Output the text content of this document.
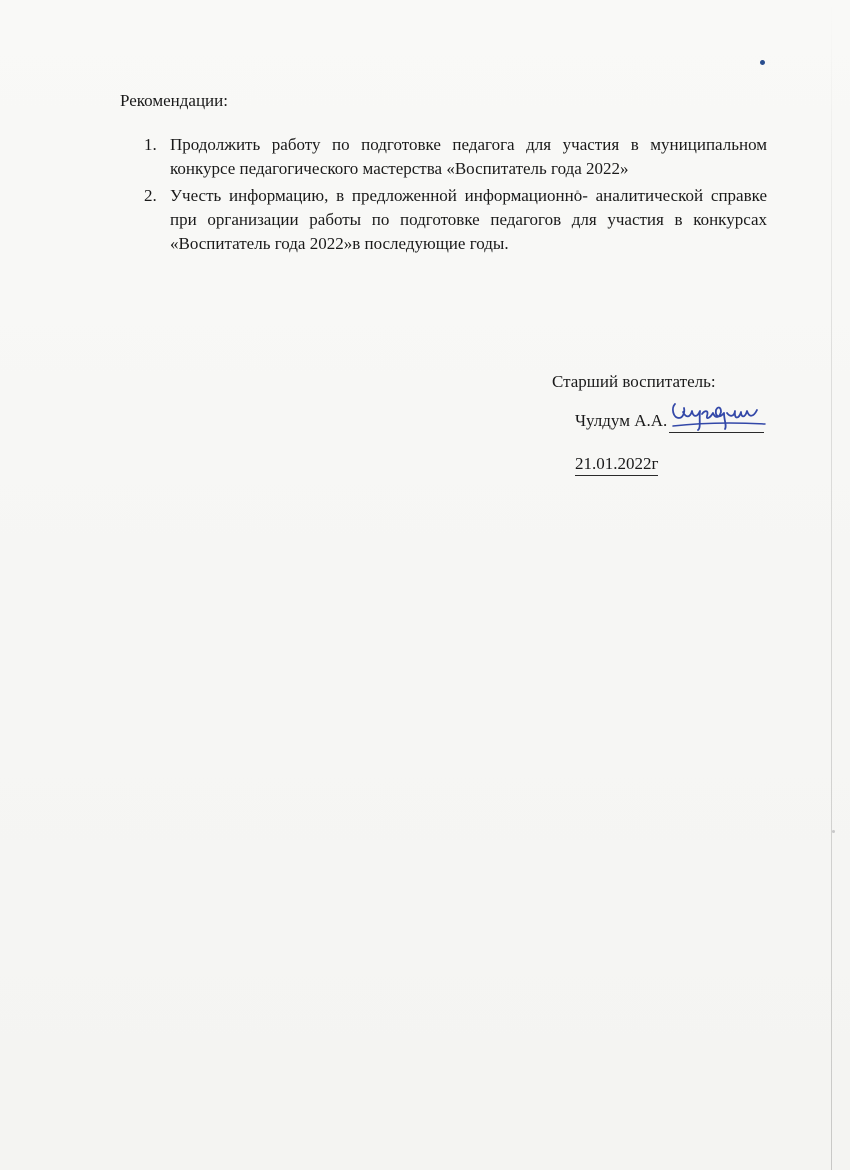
Рекомендации:
1. Продолжить работу по подготовке педагога для участия в муниципальном конкурсе педагогического мастерства «Воспитатель года 2022»
2. Учесть информацию, в предложенной информационно- аналитической справке при организации работы по подготовке педагогов для участия в конкурсах «Воспитатель года 2022»в последующие годы.
Старший воспитатель:
Чулдум А.А.
21.01.2022г
